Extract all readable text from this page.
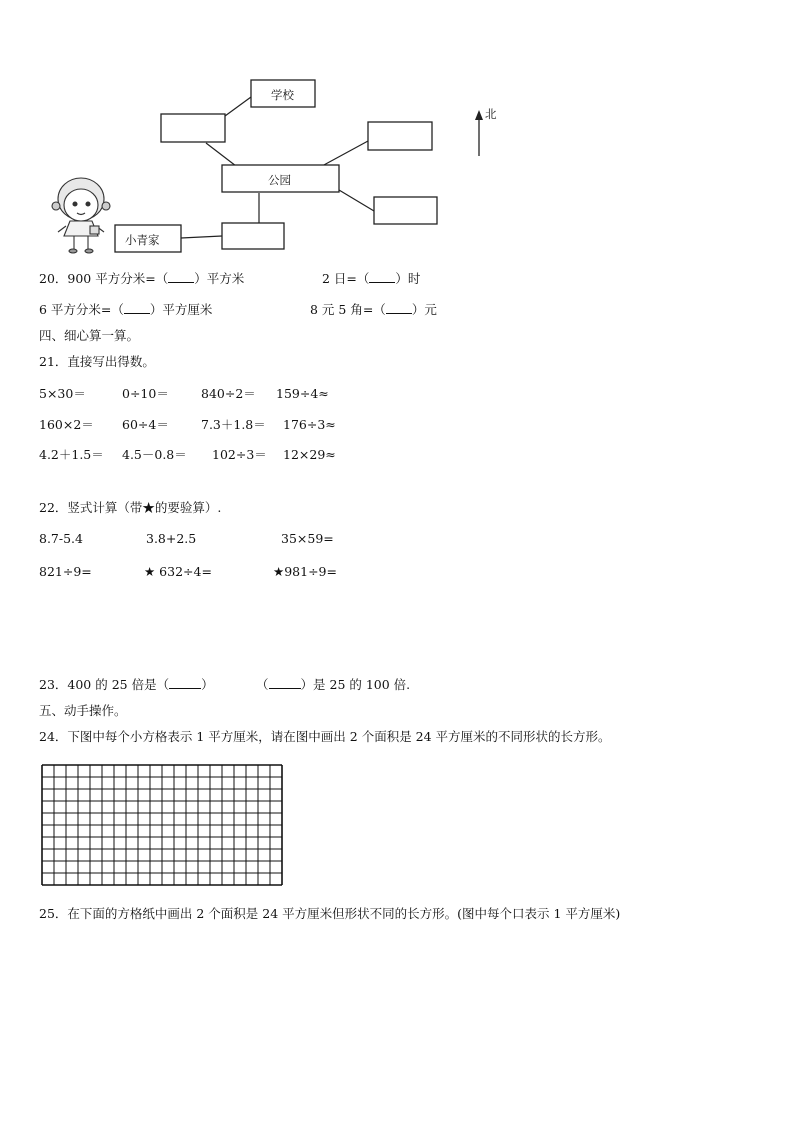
学校
公园
小青家
北
20．900 平方分米=（ ）平方米	2 日=（ ）时
6 平方分米=（ ）平方厘米	8 元 5 角=（ ）元
四、细心算一算。
21．直接写出得数。
5×30＝	0÷10＝	840÷2＝ 159÷4≈
160×2＝ 60÷4＝	7.3＋1.8＝ 176÷3≈
4.2＋1.5＝ 4.5－0.8＝ 102÷3＝ 12×29≈
22．竖式计算（带★的要验算）.
8.7-5.4	3.8+2.5	35×59=
821÷9=	★ 632÷4=	★981÷9=
23．400 的 25 倍是（	）	（	）是 25 的 100 倍.
五、动手操作。
24．下图中每个小方格表示 1 平方厘米，请在图中画出 2 个面积是 24 平方厘米的不同形状的长方形。
25．在下面的方格纸中画出 2 个面积是 24 平方厘米但形状不同的长方形。(图中每个口表示 1 平方厘米)
